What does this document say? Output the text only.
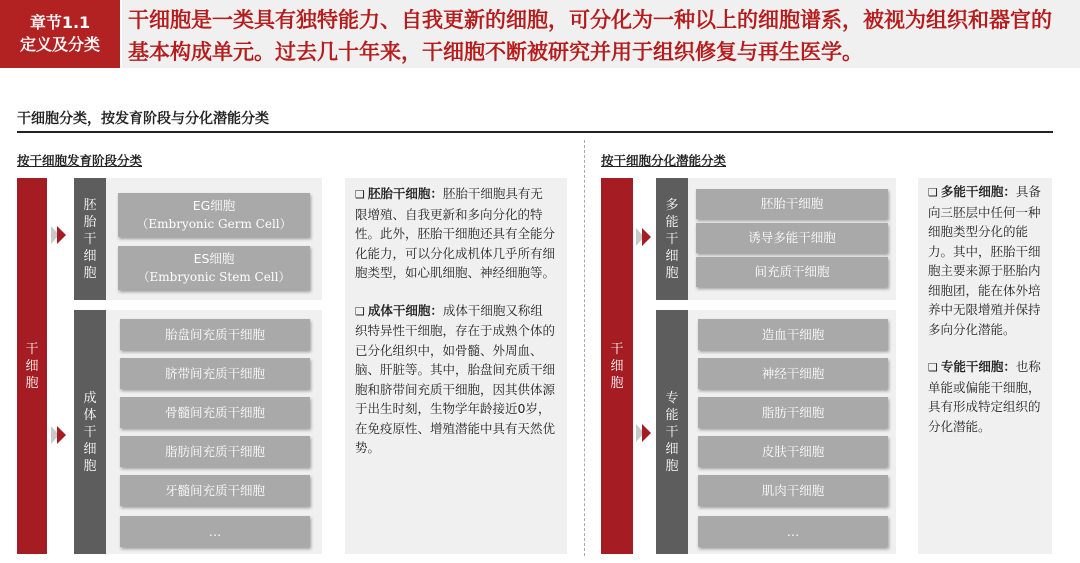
章节1.1
定义及分类
干细胞是一类具有独特能力、自我更新的细胞，可分化为一种以上的细胞谱系，被视为组织和器官的基本构成单元。过去几十年来，干细胞不断被研究并用于组织修复与再生医学。
干细胞分类，按发育阶段与分化潜能分类
按干细胞发育阶段分类	按干细胞分化潜能分类
干细胞
胚胎干细胞
EG细胞
（Embryonic Germ Cell）
ES细胞
（Embryonic Stem Cell）
成体干细胞
胎盘间充质干细胞
脐带间充质干细胞
骨髓间充质干细胞
脂肪间充质干细胞
牙髓间充质干细胞
…

❑ 胚胎干细胞：胚胎干细胞具有无限增殖、自我更新和多向分化的特性。此外，胚胎干细胞还具有全能分化能力，可以分化成机体几乎所有细胞类型，如心肌细胞、神经细胞等。

❑ 成体干细胞：成体干细胞又称组织特异性干细胞，存在于成熟个体的已分化组织中，如骨髓、外周血、脑、肝脏等。其中，胎盘间充质干细胞和脐带间充质干细胞，因其供体源于出生时刻，生物学年龄接近0岁，在免疫原性、增殖潜能中具有天然优势。

干细胞
多能干细胞
胚胎干细胞
诱导多能干细胞
间充质干细胞
专能干细胞
造血干细胞
神经干细胞
脂肪干细胞
皮肤干细胞
肌肉干细胞
…

❑ 多能干细胞：具备向三胚层中任何一种细胞类型分化的能力。其中，胚胎干细胞主要来源于胚胎内细胞团，能在体外培养中无限增殖并保持多向分化潜能。

❑ 专能干细胞：也称单能或偏能干细胞，具有形成特定组织的分化潜能。
